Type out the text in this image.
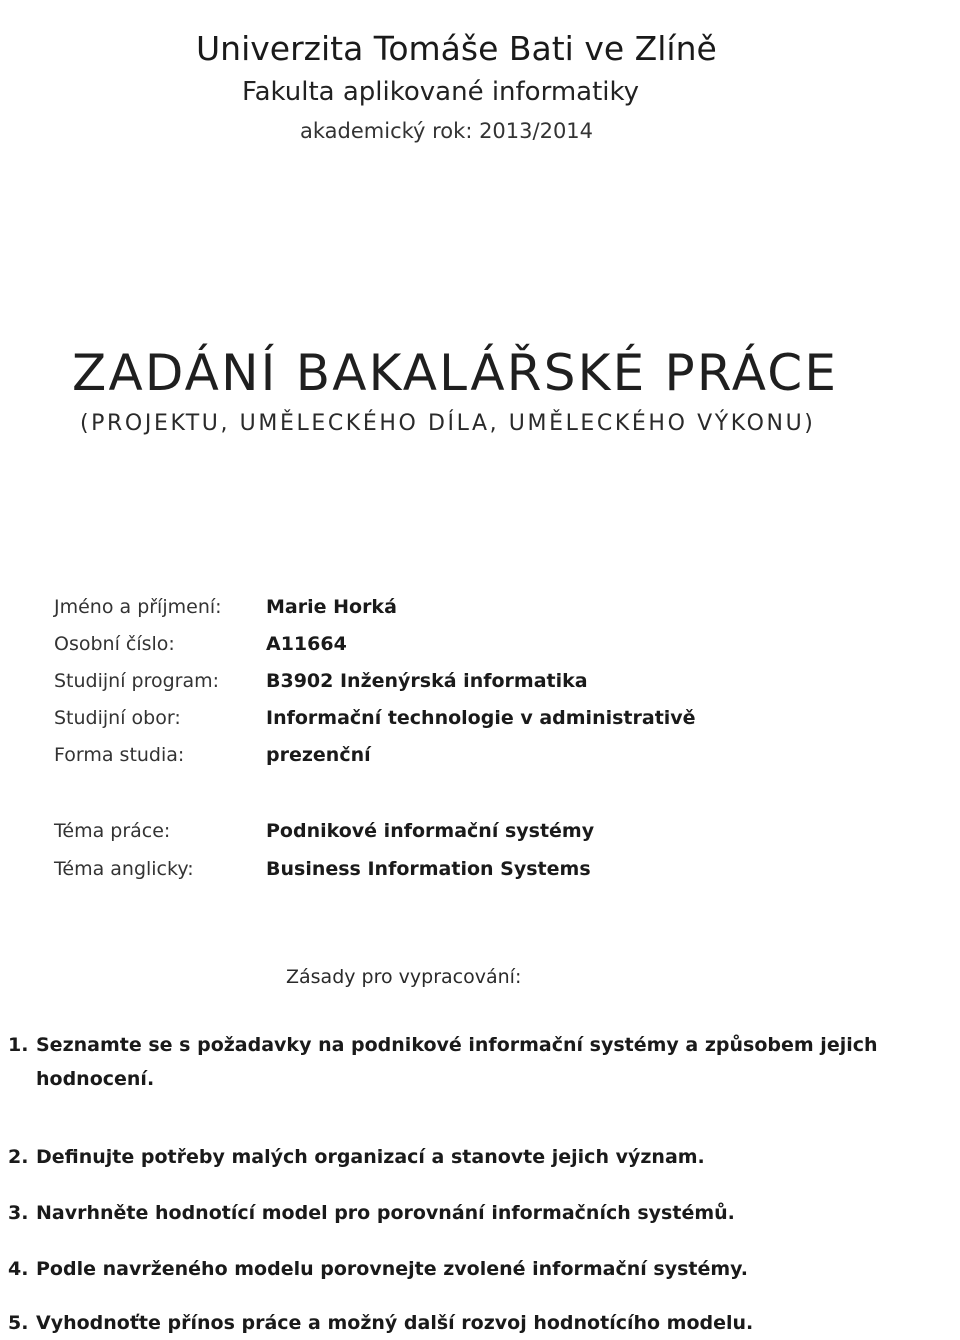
Univerzita Tomáše Bati ve Zlíně
Fakulta aplikované informatiky
akademický rok: 2013/2014
ZADÁNÍ BAKALÁŘSKÉ PRÁCE
(PROJEKTU, UMĚLECKÉHO DÍLA, UMĚLECKÉHO VÝKONU)
Jméno a příjmení:	Marie Horká
Osobní číslo:	A11664
Studijní program:	B3902 Inženýrská informatika
Studijní obor:	Informační technologie v administrativě
Forma studia:	prezenční
Téma práce:	Podnikové informační systémy
Téma anglicky:	Business Information Systems
Zásady pro vypracování:
1. Seznamte se s požadavky na podnikové informační systémy a způsobem jejich hodnocení.
2. Definujte potřeby malých organizací a stanovte jejich význam.
3. Navrhněte hodnotící model pro porovnání informačních systémů.
4. Podle navrženého modelu porovnejte zvolené informační systémy.
5. Vyhodnoťte přínos práce a možný další rozvoj hodnotícího modelu.
